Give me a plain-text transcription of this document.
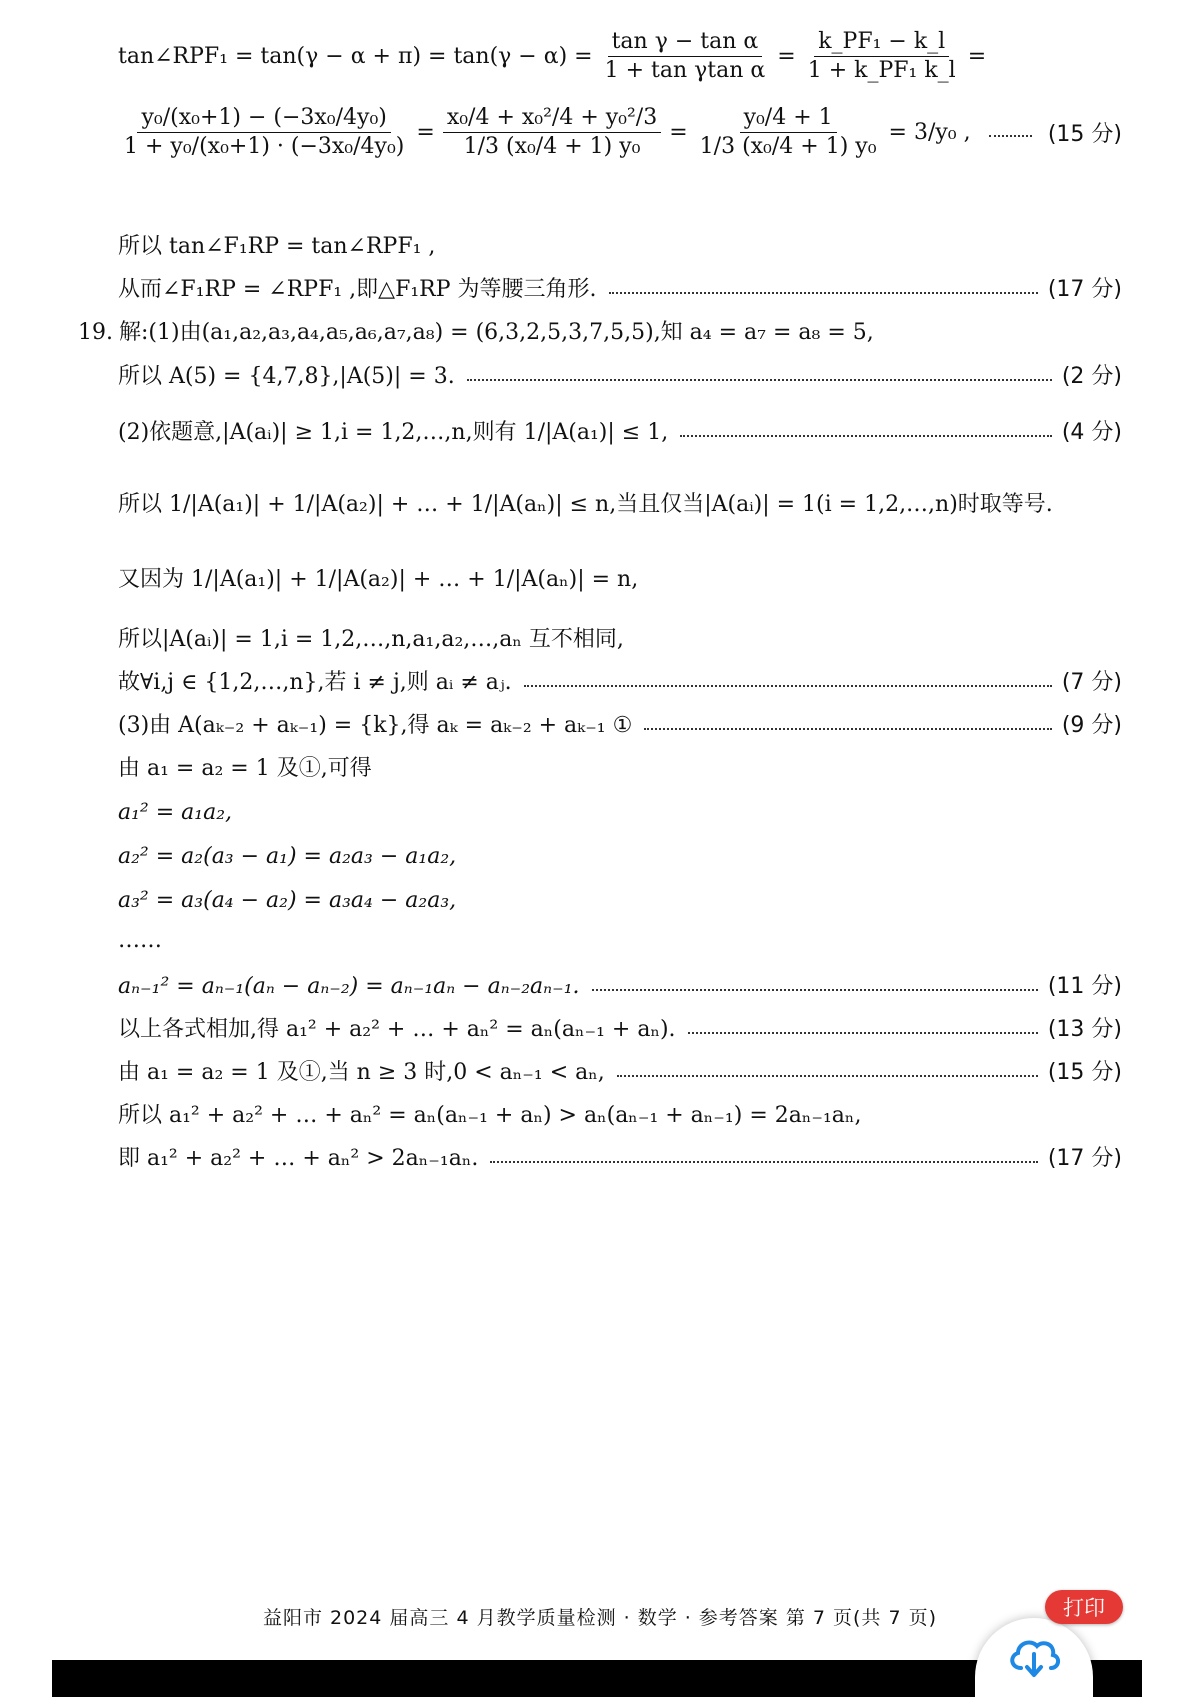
tan∠RPF₁ = $\tan(\gamma - \alpha + \pi) = \tan(\gamma - \alpha) = \frac{\text{tan γ − tan α}}{\text{1 + tan γtan α}} = \frac{\text{k\_PF₁ − k\_l}}{\text{1 + k\_PF₁ k\_l}}$ =
$\frac{\text{y₀/(x₀+1) − (−3x₀/4y₀)}}{\text{1 + y₀/(x₀+1) · (−3x₀/4y₀)}} = \frac{\text{x₀/4 + x₀²/4 + y₀²/3}}{\text{1/3 (x₀/4 + 1) y₀}} = \frac{\text{y₀/4 + 1}}{\text{1/3 (x₀/4 + 1) y₀}} = 3/y_0$ ,	(15 分)
所以 tan∠F₁RP = tan∠RPF₁ ,
从而∠F₁RP = ∠RPF₁ ,即△F₁RP 为等腰三角形.	(17 分)
19. 解:(1)由(a₁,a₂,a₃,a₄,a₅,a₆,a₇,a₈) = (6,3,2,5,3,7,5,5),知 a₄ = a₇ = a₈ = 5,
所以 A(5) = {4,7,8},|A(5)| = 3.	(2 分)
(2)依题意,|A(aᵢ)| ≥ 1,i = 1,2,…,n,则有 1/|A(a₁)| ≤ 1,	(4 分)
所以 1/|A(a₁)| + 1/|A(a₂)| + … + 1/|A(aₙ)| ≤ n,当且仅当|A(aᵢ)| = 1(i = 1,2,…,n)时取等号.
又因为 1/|A(a₁)| + 1/|A(a₂)| + … + 1/|A(aₙ)| = n,
所以|A(aᵢ)| = 1,i = 1,2,…,n,a₁,a₂,…,aₙ 互不相同,
故∀i,j ∈ {1,2,…,n},若 i ≠ j,则 aᵢ ≠ aⱼ.	(7 分)
(3)由 A(aₖ₋₂ + aₖ₋₁) = {k},得 aₖ = aₖ₋₂ + aₖ₋₁ ①	(9 分)
由 a₁ = a₂ = 1 及①,可得
a₁² = a₁a₂,
a₂² = a₂(a₃ − a₁) = a₂a₃ − a₁a₂,
a₃² = a₃(a₄ − a₂) = a₃a₄ − a₂a₃,
……
aₙ₋₁² = aₙ₋₁(aₙ − aₙ₋₂) = aₙ₋₁aₙ − aₙ₋₂aₙ₋₁.	(11 分)
以上各式相加,得 a₁² + a₂² + … + aₙ² = aₙ(aₙ₋₁ + aₙ).	(13 分)
由 a₁ = a₂ = 1 及①,当 n ≥ 3 时,0 < aₙ₋₁ < aₙ,	(15 分)
所以 a₁² + a₂² + … + aₙ² = aₙ(aₙ₋₁ + aₙ) > aₙ(aₙ₋₁ + aₙ₋₁) = 2aₙ₋₁aₙ,
即 a₁² + a₂² + … + aₙ² > 2aₙ₋₁aₙ.	(17 分)
益阳市 2024 届高三 4 月教学质量检测 · 数学 · 参考答案 第 7 页(共 7 页)	打印
